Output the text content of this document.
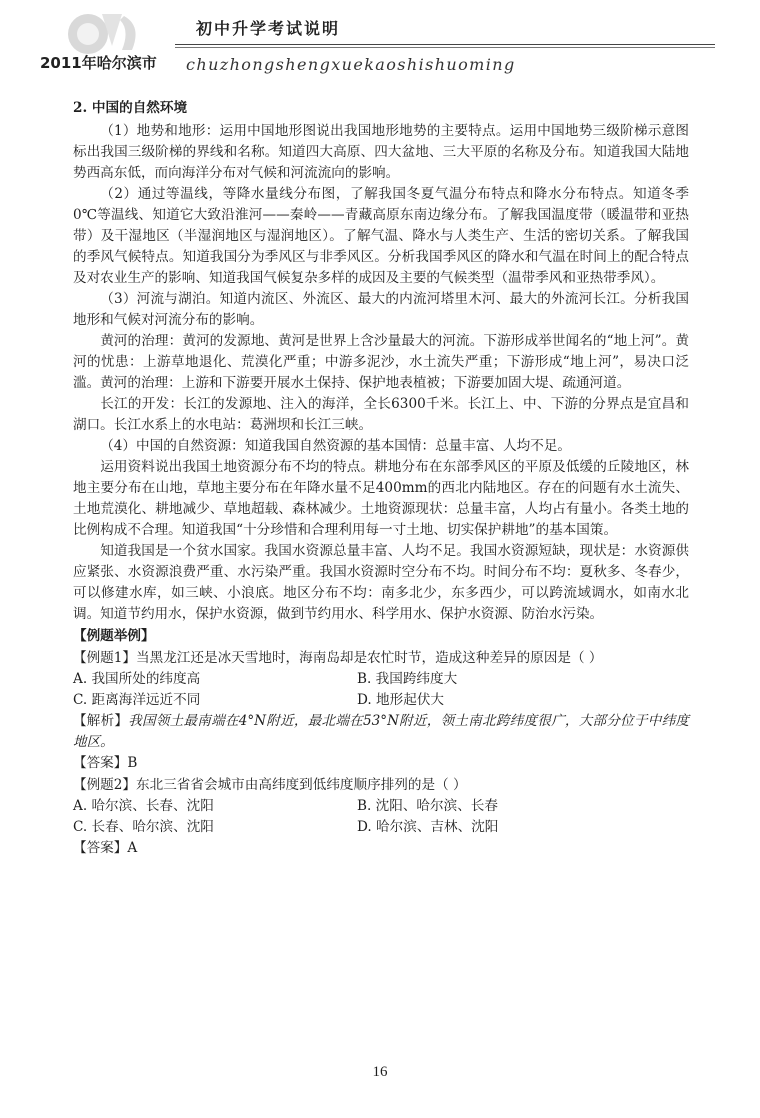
2011年哈尔滨市
初中升学考试说明
chuzhongshengxuekaoshishuoming

2. 中国的自然环境

（1）地势和地形：运用中国地形图说出我国地形地势的主要特点。运用中国地势三级阶梯示意图标出我国三级阶梯的界线和名称。知道四大高原、四大盆地、三大平原的名称及分布。知道我国大陆地势西高东低，而向海洋分布对气候和河流流向的影响。

（2）通过等温线，等降水量线分布图，了解我国冬夏气温分布特点和降水分布特点。知道冬季0℃等温线、知道它大致沿淮河——秦岭——青藏高原东南边缘分布。了解我国温度带（暖温带和亚热带）及干湿地区（半湿润地区与湿润地区）。了解气温、降水与人类生产、生活的密切关系。了解我国的季风气候特点。知道我国分为季风区与非季风区。分析我国季风区的降水和气温在时间上的配合特点及对农业生产的影响、知道我国气候复杂多样的成因及主要的气候类型（温带季风和亚热带季风）。

（3）河流与湖泊。知道内流区、外流区、最大的内流河塔里木河、最大的外流河长江。分析我国地形和气候对河流分布的影响。

黄河的治理：黄河的发源地、黄河是世界上含沙量最大的河流。下游形成举世闻名的“地上河”。黄河的忧患：上游草地退化、荒漠化严重；中游多泥沙，水土流失严重；下游形成“地上河”，易决口泛滥。黄河的治理：上游和下游要开展水土保持、保护地表植被；下游要加固大堤、疏通河道。

长江的开发：长江的发源地、注入的海洋，全长6300千米。长江上、中、下游的分界点是宜昌和湖口。长江水系上的水电站：葛洲坝和长江三峡。

（4）中国的自然资源：知道我国自然资源的基本国情：总量丰富、人均不足。

运用资料说出我国土地资源分布不均的特点。耕地分布在东部季风区的平原及低缓的丘陵地区，林地主要分布在山地，草地主要分布在年降水量不足400mm的西北内陆地区。存在的问题有水土流失、土地荒漠化、耕地减少、草地超载、森林减少。土地资源现状：总量丰富，人均占有量小。各类土地的比例构成不合理。知道我国“十分珍惜和合理利用每一寸土地、切实保护耕地”的基本国策。

知道我国是一个贫水国家。我国水资源总量丰富、人均不足。我国水资源短缺，现状是：水资源供应紧张、水资源浪费严重、水污染严重。我国水资源时空分布不均。时间分布不均：夏秋多、冬春少，可以修建水库，如三峡、小浪底。地区分布不均：南多北少，东多西少，可以跨流域调水，如南水北调。知道节约用水，保护水资源，做到节约用水、科学用水、保护水资源、防治水污染。

【例题举例】

【例题1】当黑龙江还是冰天雪地时，海南岛却是农忙时节，造成这种差异的原因是（ ）

A. 我国所处的纬度高	B. 我国跨纬度大
C. 距离海洋远近不同	D. 地形起伏大

【解析】我国领土最南端在4°N附近，最北端在53°N附近，领土南北跨纬度很广，大部分位于中纬度地区。

【答案】B

【例题2】东北三省省会城市由高纬度到低纬度顺序排列的是（ ）

A. 哈尔滨、长春、沈阳	B. 沈阳、哈尔滨、长春
C. 长春、哈尔滨、沈阳	D. 哈尔滨、吉林、沈阳

【答案】A

16
